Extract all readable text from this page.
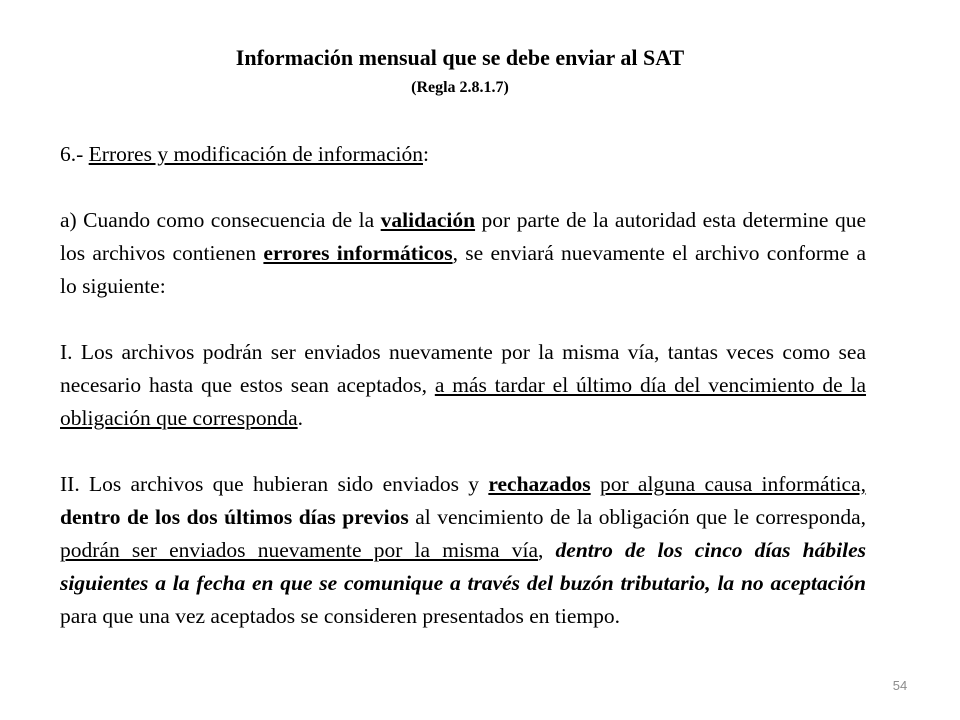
Información mensual que se debe enviar al SAT
(Regla 2.8.1.7)

6.- Errores y modificación de información:

a) Cuando como consecuencia de la validación por parte de la autoridad esta determine que los archivos contienen errores informáticos, se enviará nuevamente el archivo conforme a lo siguiente:

I. Los archivos podrán ser enviados nuevamente por la misma vía, tantas veces como sea necesario hasta que estos sean aceptados, a más tardar el último día del vencimiento de la obligación que corresponda.

II. Los archivos que hubieran sido enviados y rechazados por alguna causa informática, dentro de los dos últimos días previos al vencimiento de la obligación que le corresponda, podrán ser enviados nuevamente por la misma vía, dentro de los cinco días hábiles siguientes a la fecha en que se comunique a través del buzón tributario, la no aceptación para que una vez aceptados se consideren presentados en tiempo.

54
